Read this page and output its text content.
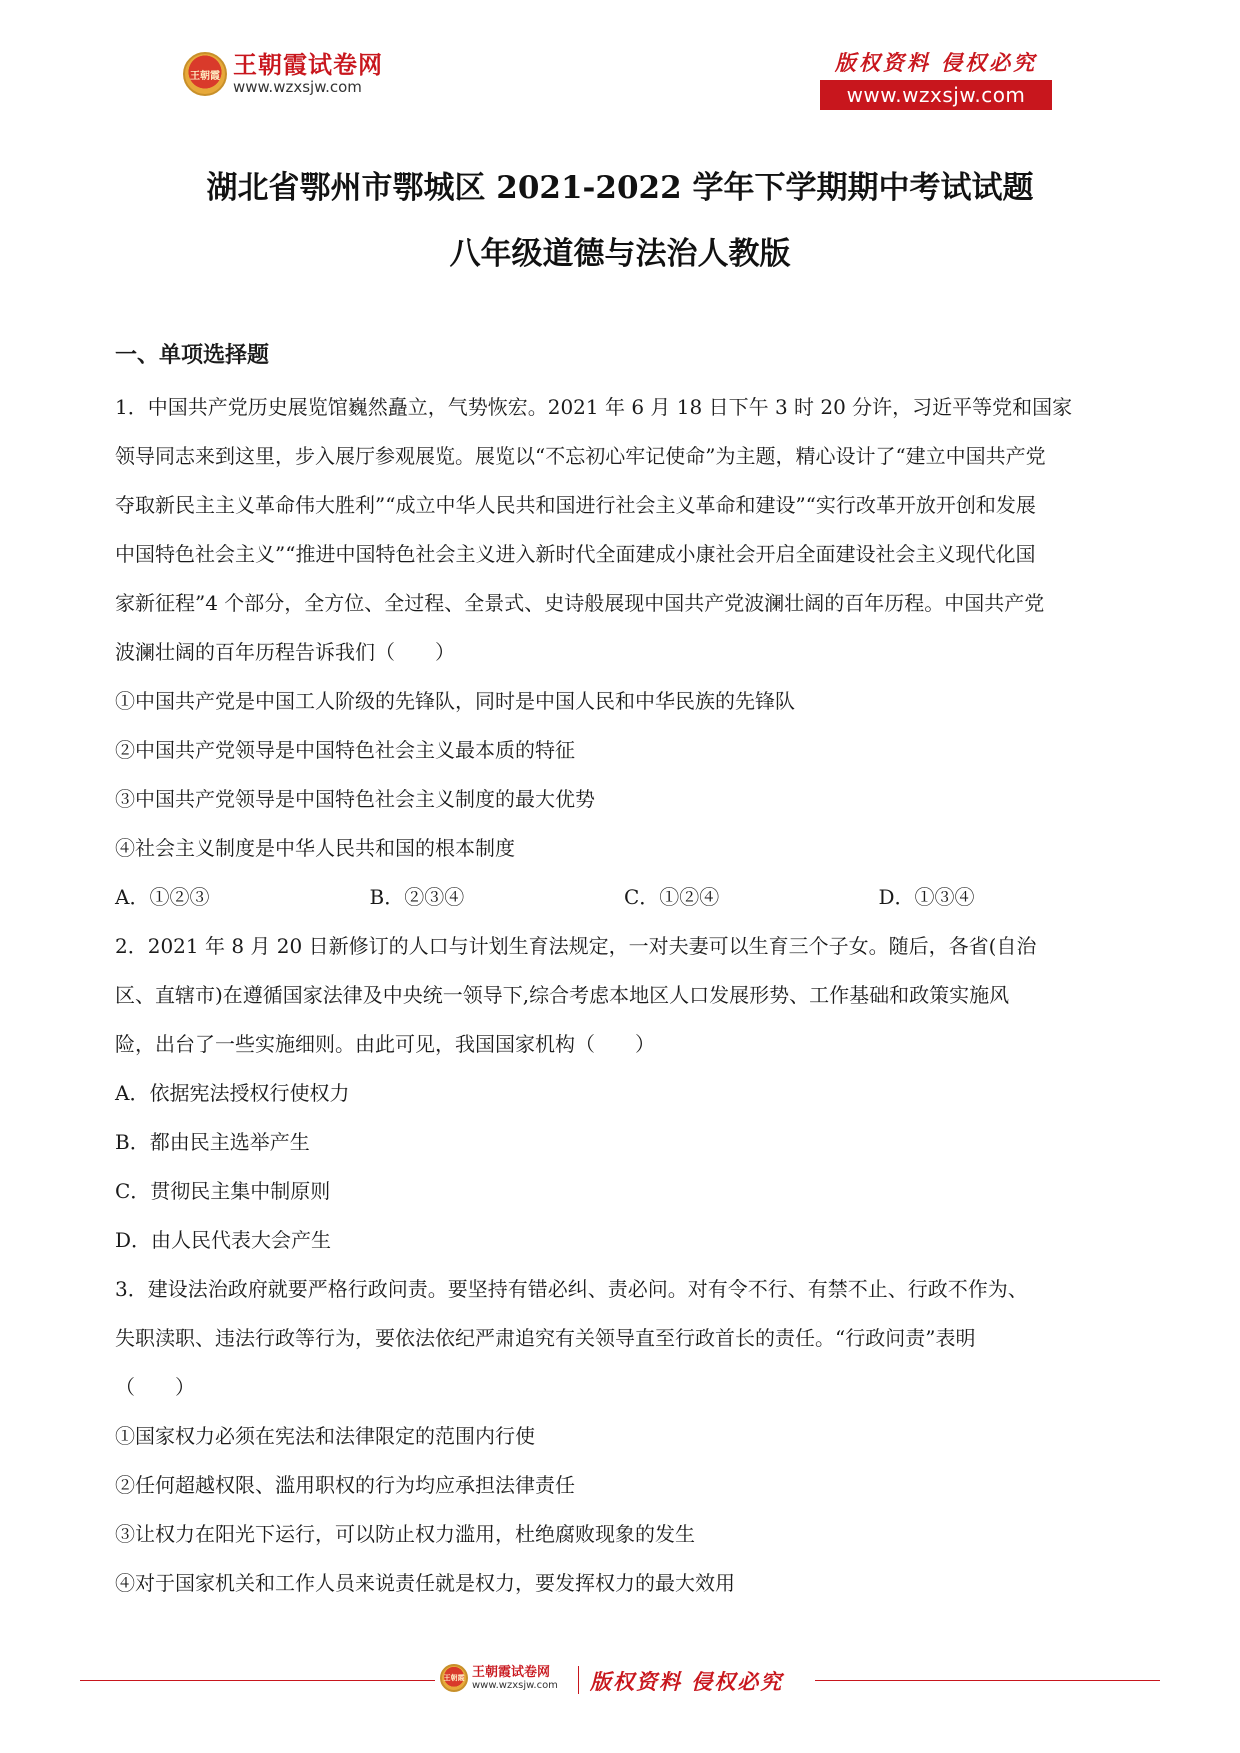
王朝霞 王朝霞试卷网
www.wzxsjw.com
版权资料 侵权必究
www.wzxsjw.com
湖北省鄂州市鄂城区 2021-2022 学年下学期期中考试试题
八年级道德与法治人教版
一、单项选择题
1．中国共产党历史展览馆巍然矗立，气势恢宏。2021 年 6 月 18 日下午 3 时 20 分许，习近平等党和国家
领导同志来到这里，步入展厅参观展览。展览以“不忘初心牢记使命”为主题，精心设计了“建立中国共产党
夺取新民主主义革命伟大胜利”“成立中华人民共和国进行社会主义革命和建设”“实行改革开放开创和发展
中国特色社会主义”“推进中国特色社会主义进入新时代全面建成小康社会开启全面建设社会主义现代化国
家新征程”4 个部分，全方位、全过程、全景式、史诗般展现中国共产党波澜壮阔的百年历程。中国共产党
波澜壮阔的百年历程告诉我们（　　）
①中国共产党是中国工人阶级的先锋队，同时是中国人民和中华民族的先锋队
②中国共产党领导是中国特色社会主义最本质的特征
③中国共产党领导是中国特色社会主义制度的最大优势
④社会主义制度是中华人民共和国的根本制度
A．①②③	B．②③④	C．①②④	D．①③④
2．2021 年 8 月 20 日新修订的人口与计划生育法规定，一对夫妻可以生育三个子女。随后，各省(自治
区、直辖市)在遵循国家法律及中央统一领导下,综合考虑本地区人口发展形势、工作基础和政策实施风
险，出台了一些实施细则。由此可见，我国国家机构（　　）
A．依据宪法授权行使权力
B．都由民主选举产生
C．贯彻民主集中制原则
D．由人民代表大会产生
3．建设法治政府就要严格行政问责。要坚持有错必纠、责必问。对有令不行、有禁不止、行政不作为、
失职渎职、违法行政等行为，要依法依纪严肃追究有关领导直至行政首长的责任。“行政问责”表明
（　　）
①国家权力必须在宪法和法律限定的范围内行使
②任何超越权限、滥用职权的行为均应承担法律责任
③让权力在阳光下运行，可以防止权力滥用，杜绝腐败现象的发生
④对于国家机关和工作人员来说责任就是权力，要发挥权力的最大效用
王朝霞 王朝霞试卷网
www.wzxsjw.com 版权资料 侵权必究
